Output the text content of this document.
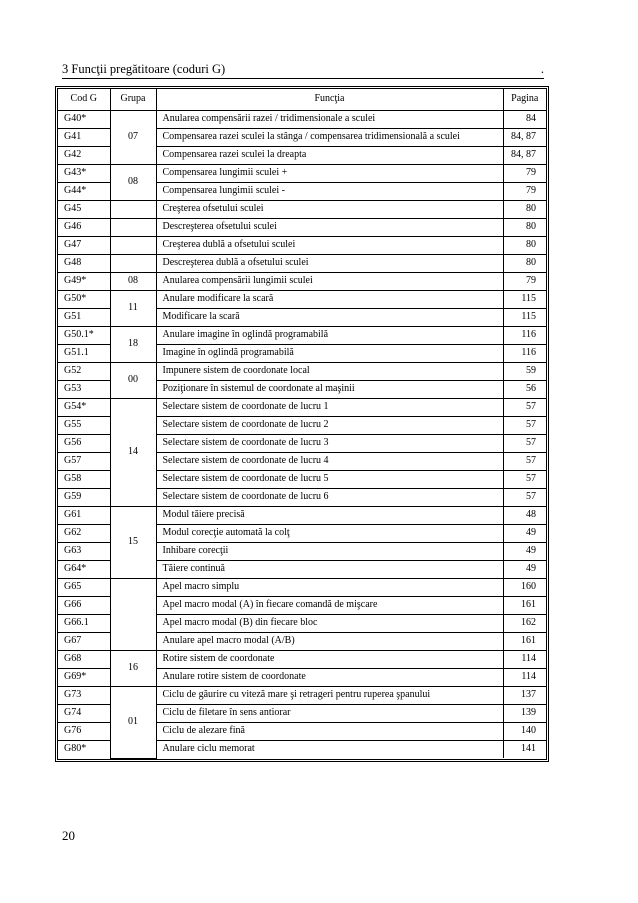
3 Funcţii pregătitoare (coduri G)	.
Cod G	Grupa	Funcţia	Pagina
G40*	07	Anularea compensării razei / tridimensionale a sculei	84
G41		Compensarea razei sculei la stânga / compensarea tridimensională a sculei	84, 87
G42		Compensarea razei sculei la dreapta	84, 87
G43*	08	Compensarea lungimii sculei +	79
G44*		Compensarea lungimii sculei -	79
G45		Creşterea ofsetului sculei	80
G46		Descreşterea ofsetului sculei	80
G47		Creşterea dublă a ofsetului sculei	80
G48		Descreşterea dublă a ofsetului sculei	80
G49*	08	Anularea compensării lungimii sculei	79
G50*	11	Anulare modificare la scară	115
G51		Modificare la scară	115
G50.1*	18	Anulare imagine în oglindă programabilă	116
G51.1		Imagine în oglindă programabilă	116
G52	00	Impunere sistem de coordonate local	59
G53		Poziţionare în sistemul de coordonate al maşinii	56
G54*	14	Selectare sistem de coordonate de lucru 1	57
G55		Selectare sistem de coordonate de lucru 2	57
G56		Selectare sistem de coordonate de lucru 3	57
G57		Selectare sistem de coordonate de lucru 4	57
G58		Selectare sistem de coordonate de lucru 5	57
G59		Selectare sistem de coordonate de lucru 6	57
G61	15	Modul tăiere precisă	48
G62		Modul corecţie automată la colţ	49
G63		Inhibare corecţii	49
G64*		Tăiere continuă	49
G65		Apel macro simplu	160
G66		Apel macro modal (A) în fiecare comandă de mişcare	161
G66.1		Apel macro modal (B) din fiecare bloc	162
G67		Anulare apel macro modal (A/B)	161
G68	16	Rotire sistem de coordonate	114
G69*		Anulare rotire sistem de coordonate	114
G73	01	Ciclu de găurire cu viteză mare şi retrageri pentru ruperea şpanului	137
G74		Ciclu de filetare în sens antiorar	139
G76		Ciclu de alezare fină	140
G80*		Anulare ciclu memorat	141
20
